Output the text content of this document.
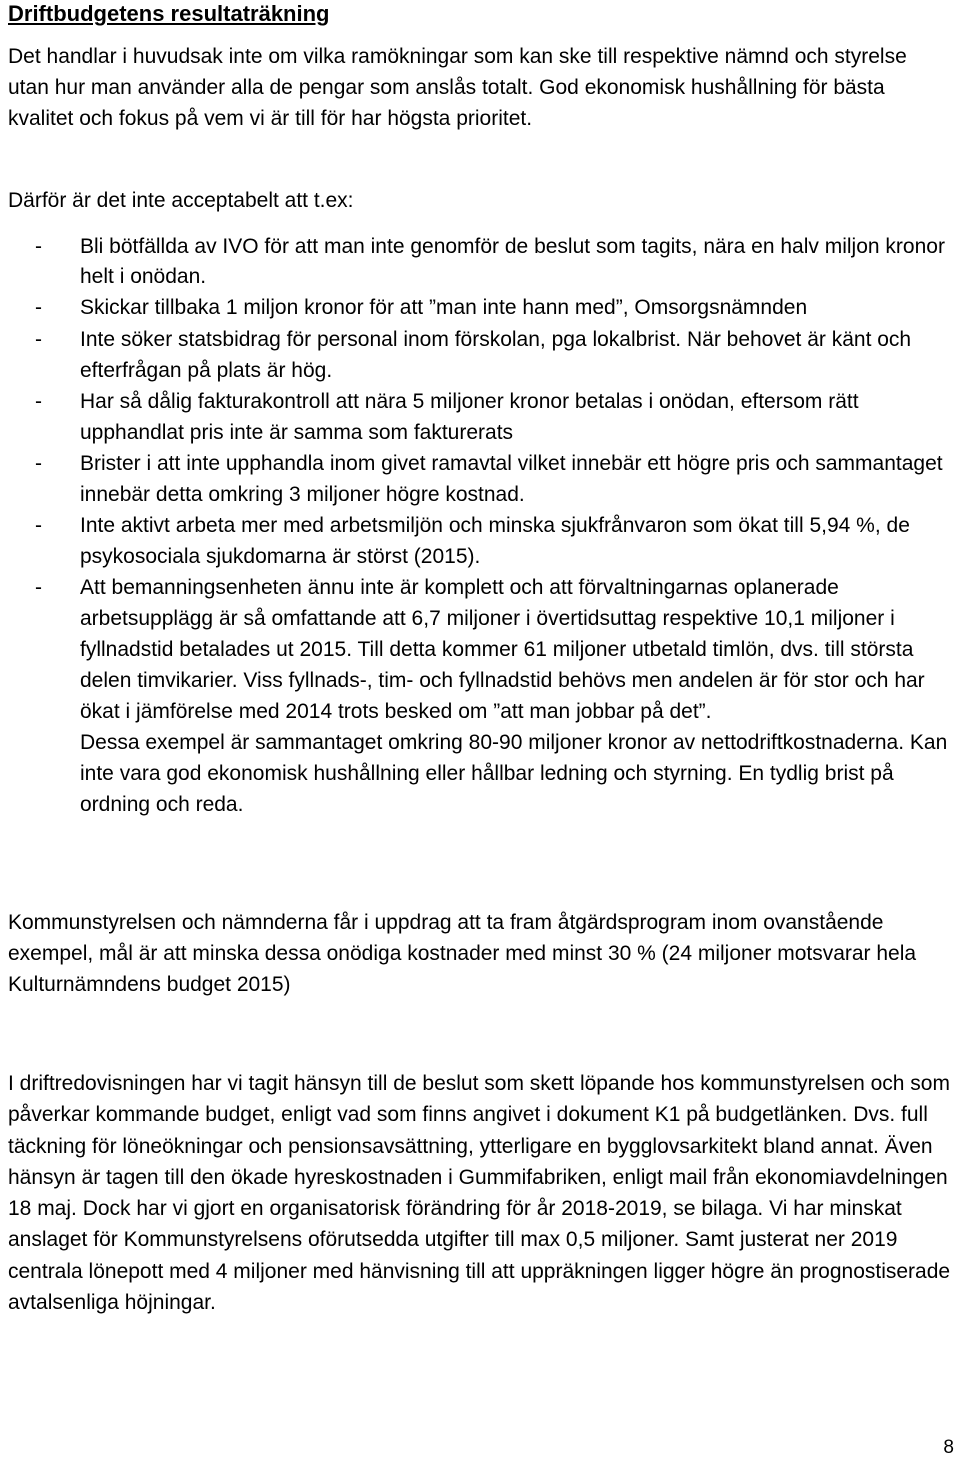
Driftbudgetens resultaträkning

Det handlar i huvudsak inte om vilka ramökningar som kan ske till respektive nämnd och styrelse utan hur man använder alla de pengar som anslås totalt. God ekonomisk hushållning för bästa kvalitet och fokus på vem vi är till för har högsta prioritet.

Därför är det inte acceptabelt att t.ex:

- Bli bötfällda av IVO för att man inte genomför de beslut som tagits, nära en halv miljon kronor helt i onödan.
- Skickar tillbaka 1 miljon kronor för att ”man inte hann med”, Omsorgsnämnden
- Inte söker statsbidrag för personal inom förskolan, pga lokalbrist. När behovet är känt och efterfrågan på plats är hög.
- Har så dålig fakturakontroll att nära 5 miljoner kronor betalas i onödan, eftersom rätt upphandlat pris inte är samma som fakturerats
- Brister i att inte upphandla inom givet ramavtal vilket innebär ett högre pris och sammantaget innebär detta omkring 3 miljoner högre kostnad.
- Inte aktivt arbeta mer med arbetsmiljön och minska sjukfrånvaron som ökat till 5,94 %, de psykosociala sjukdomarna är störst (2015).
- Att bemanningsenheten ännu inte är komplett och att förvaltningarnas oplanerade arbetsupplägg är så omfattande att 6,7 miljoner i övertidsuttag respektive 10,1 miljoner i fyllnadstid betalades ut 2015. Till detta kommer 61 miljoner utbetald timlön, dvs. till största delen timvikarier. Viss fyllnads-, tim- och fyllnadstid behövs men andelen är för stor och har ökat i jämförelse med 2014 trots besked om ”att man jobbar på det”.
Dessa exempel är sammantaget omkring 80-90 miljoner kronor av nettodriftkostnaderna. Kan inte vara god ekonomisk hushållning eller hållbar ledning och styrning. En tydlig brist på ordning och reda.

Kommunstyrelsen och nämnderna får i uppdrag att ta fram åtgärdsprogram inom ovanstående exempel, mål är att minska dessa onödiga kostnader med minst 30 % (24 miljoner motsvarar hela Kulturnämndens budget 2015)

I driftredovisningen har vi tagit hänsyn till de beslut som skett löpande hos kommunstyrelsen och som påverkar kommande budget, enligt vad som finns angivet i dokument K1 på budgetlänken. Dvs. full täckning för löneökningar och pensionsavsättning, ytterligare en bygglovsarkitekt bland annat. Även hänsyn är tagen till den ökade hyreskostnaden i Gummifabriken, enligt mail från ekonomiavdelningen 18 maj. Dock har vi gjort en organisatorisk förändring för år 2018-2019, se bilaga. Vi har minskat anslaget för Kommunstyrelsens oförutsedda utgifter till max 0,5 miljoner. Samt justerat ner 2019 centrala lönepott med 4 miljoner med hänvisning till att uppräkningen ligger högre än prognostiserade avtalsenliga höjningar.

8
